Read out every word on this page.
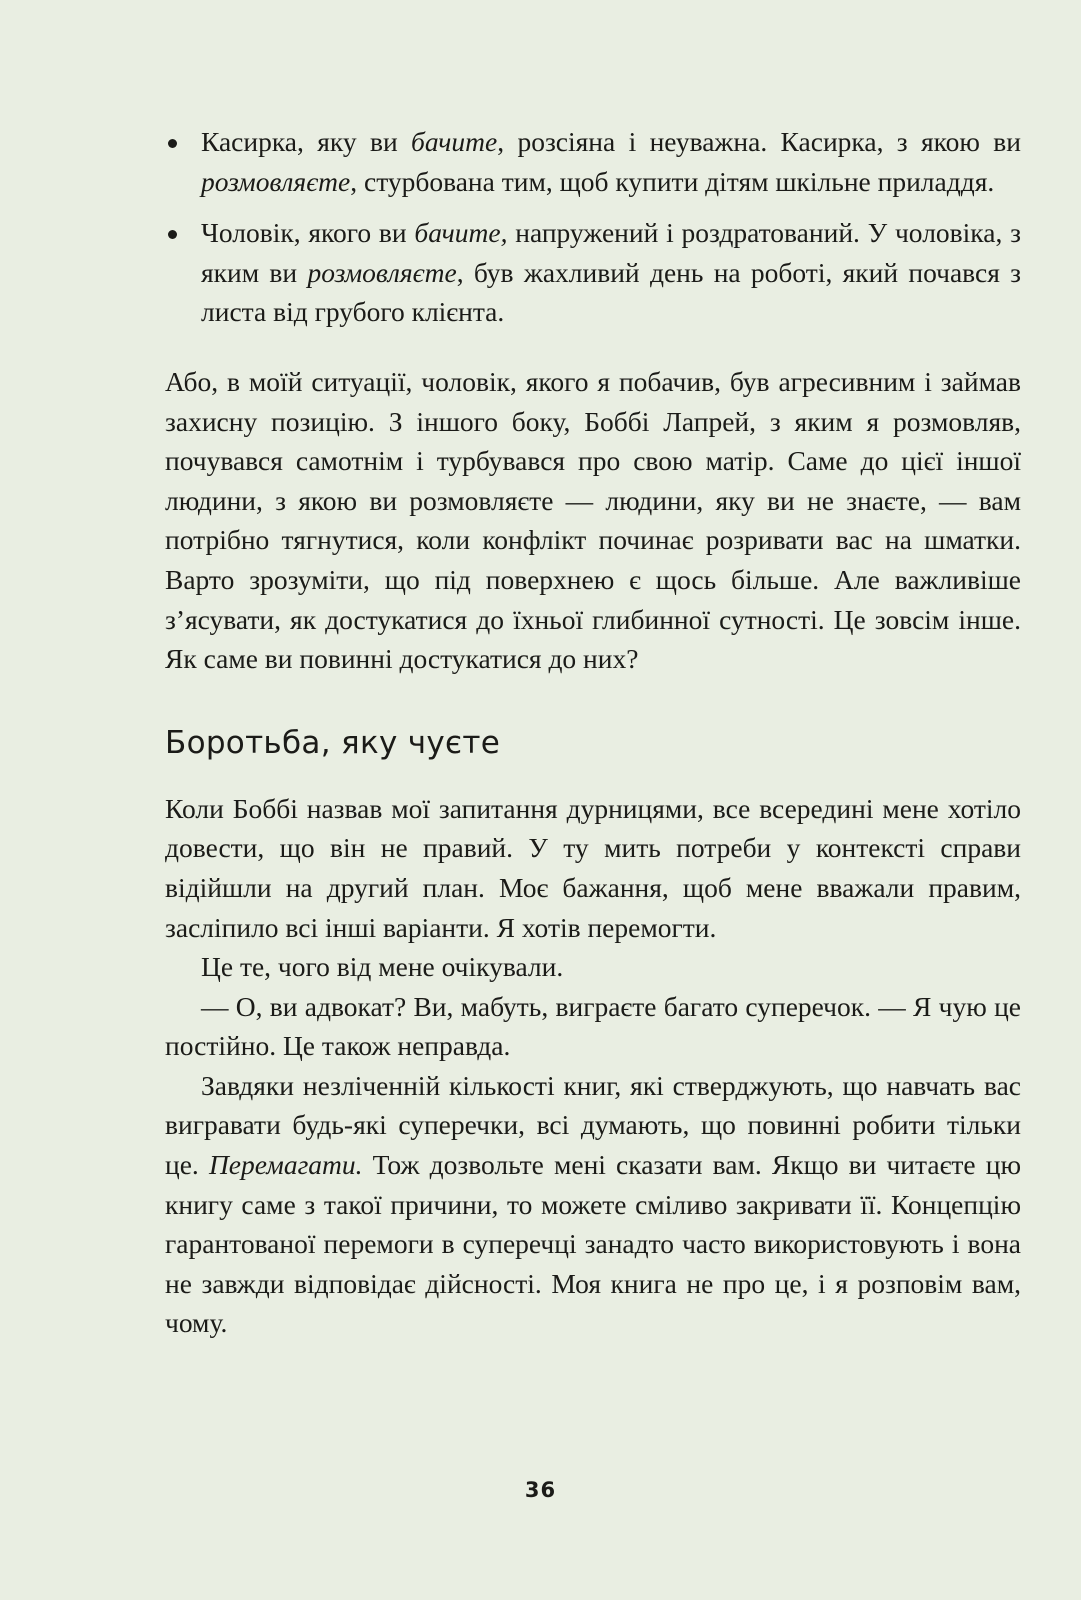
Касирка, яку ви бачите, розсіяна і неуважна. Касирка, з якою ви розмовляєте, стурбована тим, щоб купити дітям шкільне приладдя.
Чоловік, якого ви бачите, напружений і роздратований. У чоловіка, з яким ви розмовляєте, був жахливий день на роботі, який почався з листа від грубого клієнта.

Або, в моїй ситуації, чоловік, якого я побачив, був агресивним і займав захисну позицію. З іншого боку, Боббі Лапрей, з яким я розмовляв, почувався самотнім і турбувався про свою матір. Саме до цієї іншої людини, з якою ви розмовляєте — людини, яку ви не знаєте, — вам потрібно тягнутися, коли конфлікт починає розривати вас на шматки. Варто зрозуміти, що під поверхнею є щось більше. Але важливіше з’ясувати, як достукатися до їхньої глибинної сутності. Це зовсім інше. Як саме ви повинні достукатися до них?

Боротьба, яку чуєте

Коли Боббі назвав мої запитання дурницями, все всередині мене хотіло довести, що він не правий. У ту мить потреби у контексті справи відійшли на другий план. Моє бажання, щоб мене вважали правим, засліпило всі інші варіанти. Я хотів перемогти.

Це те, чого від мене очікували.

— О, ви адвокат? Ви, мабуть, виграєте багато суперечок. — Я чую це постійно. Це також неправда.

Завдяки незліченній кількості книг, які стверджують, що навчать вас вигравати будь-які суперечки, всі думають, що повинні робити тільки це. Перемагати. Тож дозвольте мені сказати вам. Якщо ви читаєте цю книгу саме з такої причини, то можете сміливо закривати її. Концепцію гарантованої перемоги в суперечці занадто часто використовують і вона не завжди відповідає дійсності. Моя книга не про це, і я розповім вам, чому.

36
